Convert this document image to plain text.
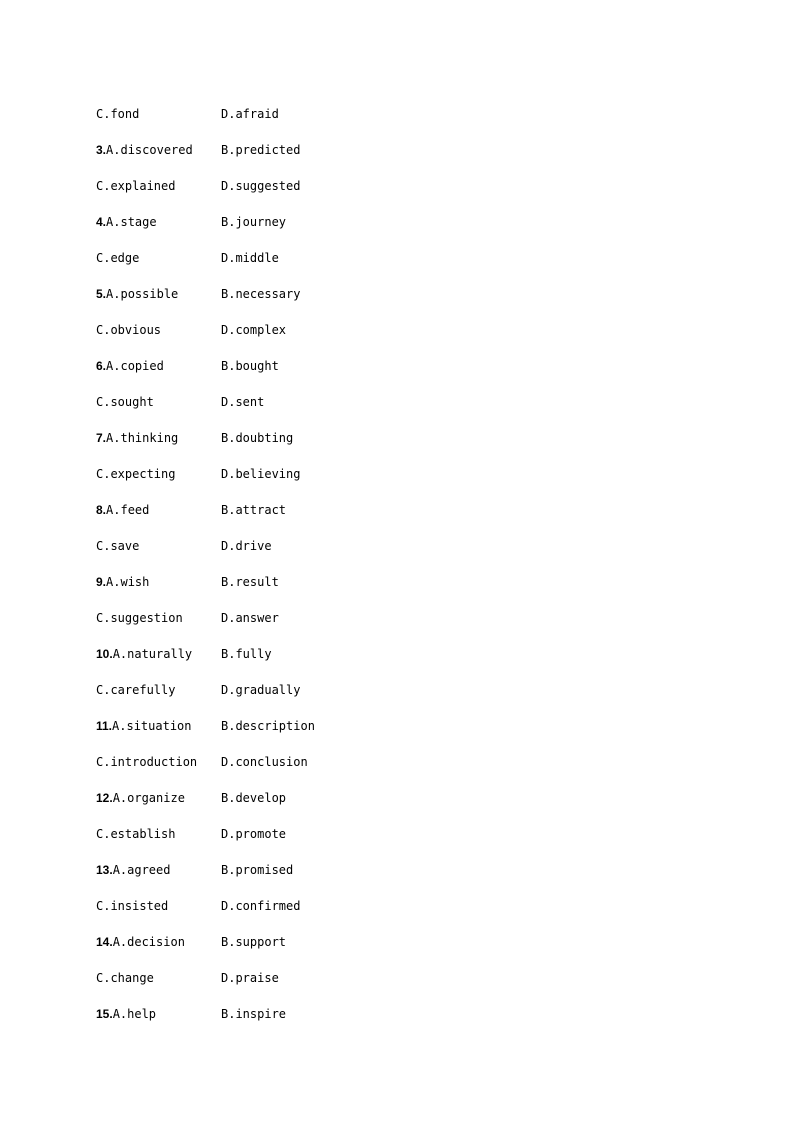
C.fond	D.afraid
3.A.discovered	B.predicted
C.explained	D.suggested
4.A.stage	B.journey
C.edge	D.middle
5.A.possible	B.necessary
C.obvious	D.complex
6.A.copied	B.bought
C.sought	D.sent
7.A.thinking	B.doubting
C.expecting	D.believing
8.A.feed	B.attract
C.save	D.drive
9.A.wish	B.result
C.suggestion	D.answer
10.A.naturally	B.fully
C.carefully	D.gradually
11.A.situation	B.description
C.introduction	D.conclusion
12.A.organize	B.develop
C.establish	D.promote
13.A.agreed	B.promised
C.insisted	D.confirmed
14.A.decision	B.support
C.change	D.praise
15.A.help	B.inspire
